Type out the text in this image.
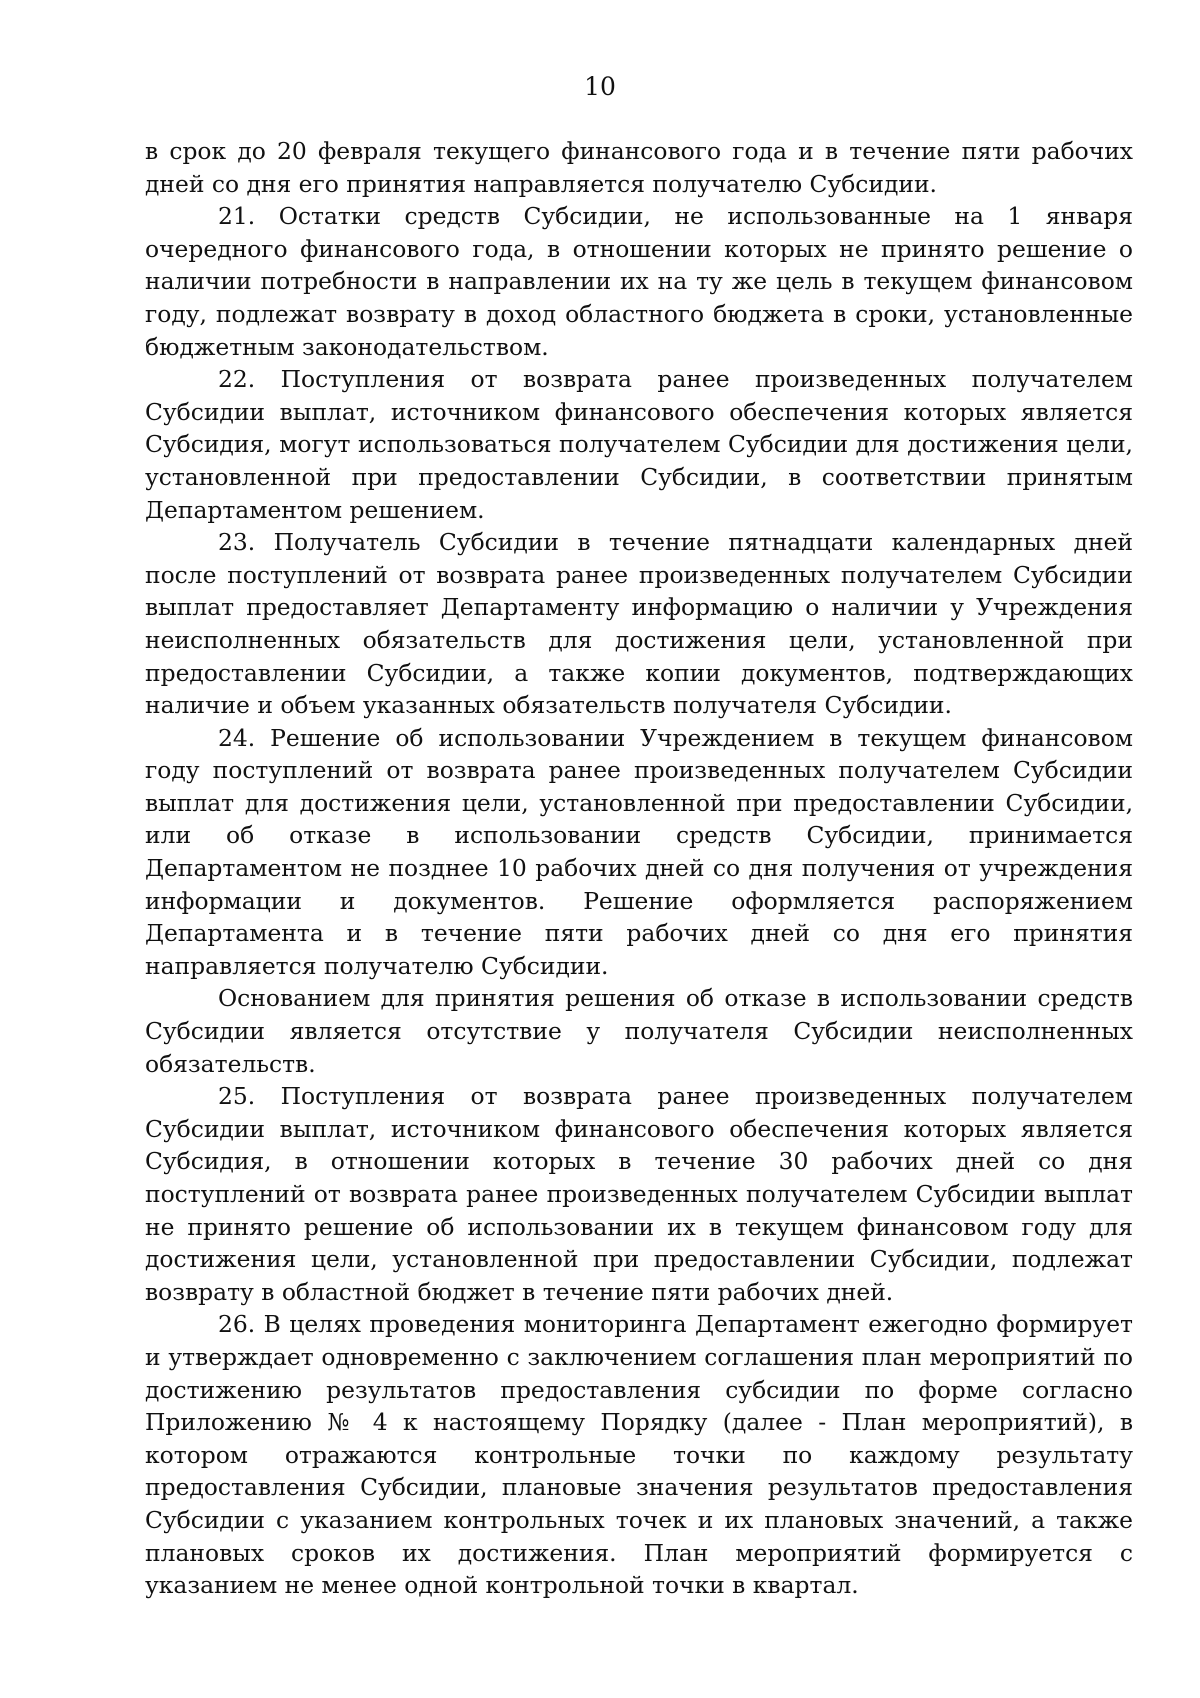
10

в срок до 20 февраля текущего финансового года и в течение пяти рабочих дней со дня его принятия направляется получателю Субсидии.

21. Остатки средств Субсидии, не использованные на 1 января очередного финансового года, в отношении которых не принято решение о наличии потребности в направлении их на ту же цель в текущем финансовом году, подлежат возврату в доход областного бюджета в сроки, установленные бюджетным законодательством.

22. Поступления от возврата ранее произведенных получателем Субсидии выплат, источником финансового обеспечения которых является Субсидия, могут использоваться получателем Субсидии для достижения цели, установленной при предоставлении Субсидии, в соответствии принятым Департаментом решением.

23. Получатель Субсидии в течение пятнадцати календарных дней после поступлений от возврата ранее произведенных получателем Субсидии выплат предоставляет Департаменту информацию о наличии у Учреждения неисполненных обязательств для достижения цели, установленной при предоставлении Субсидии, а также копии документов, подтверждающих наличие и объем указанных обязательств получателя Субсидии.

24. Решение об использовании Учреждением в текущем финансовом году поступлений от возврата ранее произведенных получателем Субсидии выплат для достижения цели, установленной при предоставлении Субсидии, или об отказе в использовании средств Субсидии, принимается Департаментом не позднее 10 рабочих дней со дня получения от учреждения информации и документов. Решение оформляется распоряжением Департамента и в течение пяти рабочих дней со дня его принятия направляется получателю Субсидии.

Основанием для принятия решения об отказе в использовании средств Субсидии является отсутствие у получателя Субсидии неисполненных обязательств.

25. Поступления от возврата ранее произведенных получателем Субсидии выплат, источником финансового обеспечения которых является Субсидия, в отношении которых в течение 30 рабочих дней со дня поступлений от возврата ранее произведенных получателем Субсидии выплат не принято решение об использовании их в текущем финансовом году для достижения цели, установленной при предоставлении Субсидии, подлежат возврату в областной бюджет в течение пяти рабочих дней.

26. В целях проведения мониторинга Департамент ежегодно формирует и утверждает одновременно с заключением соглашения план мероприятий по достижению результатов предоставления субсидии по форме согласно Приложению № 4 к настоящему Порядку (далее - План мероприятий), в котором отражаются контрольные точки по каждому результату предоставления Субсидии, плановые значения результатов предоставления Субсидии с указанием контрольных точек и их плановых значений, а также плановых сроков их достижения. План мероприятий формируется с указанием не менее одной контрольной точки в квартал.
